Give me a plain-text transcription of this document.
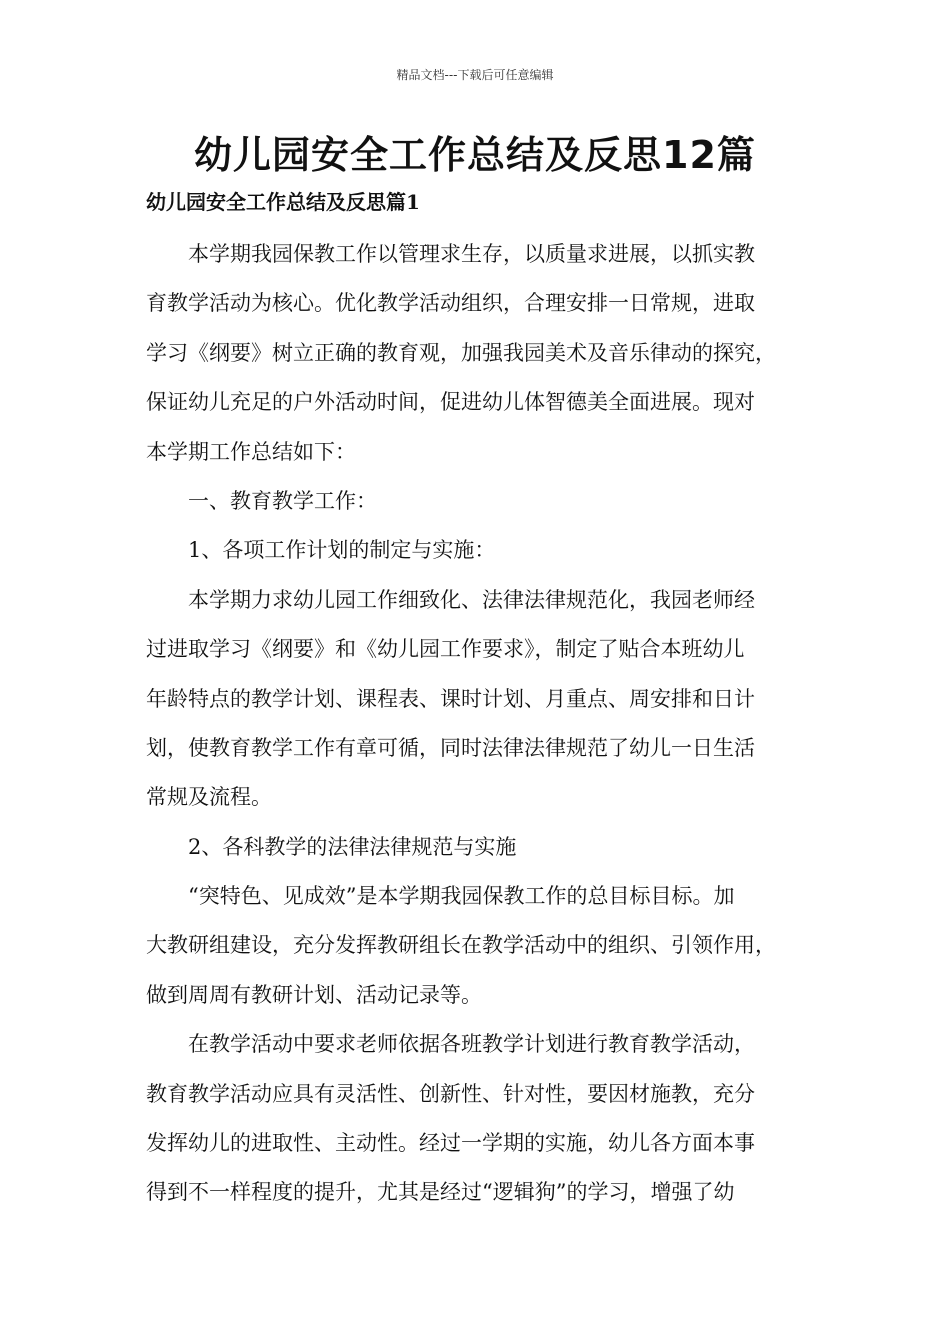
精品文档---下载后可任意编辑
幼儿园安全工作总结及反思12篇
幼儿园安全工作总结及反思篇1
本学期我园保教工作以管理求生存，以质量求进展，以抓实教
育教学活动为核心。优化教学活动组织，合理安排一日常规，进取
学习《纲要》树立正确的教育观，加强我园美术及音乐律动的探究，
保证幼儿充足的户外活动时间，促进幼儿体智德美全面进展。现对
本学期工作总结如下：
一、教育教学工作：
1、各项工作计划的制定与实施：
本学期力求幼儿园工作细致化、法律法律规范化，我园老师经
过进取学习《纲要》和《幼儿园工作要求》，制定了贴合本班幼儿
年龄特点的教学计划、课程表、课时计划、月重点、周安排和日计
划，使教育教学工作有章可循，同时法律法律规范了幼儿一日生活
常规及流程。
2、各科教学的法律法律规范与实施
“突特色、见成效”是本学期我园保教工作的总目标目标。加
大教研组建设，充分发挥教研组长在教学活动中的组织、引领作用，
做到周周有教研计划、活动记录等。
在教学活动中要求老师依据各班教学计划进行教育教学活动，
教育教学活动应具有灵活性、创新性、针对性，要因材施教，充分
发挥幼儿的进取性、主动性。经过一学期的实施，幼儿各方面本事
得到不一样程度的提升，尤其是经过“逻辑狗”的学习，增强了幼
